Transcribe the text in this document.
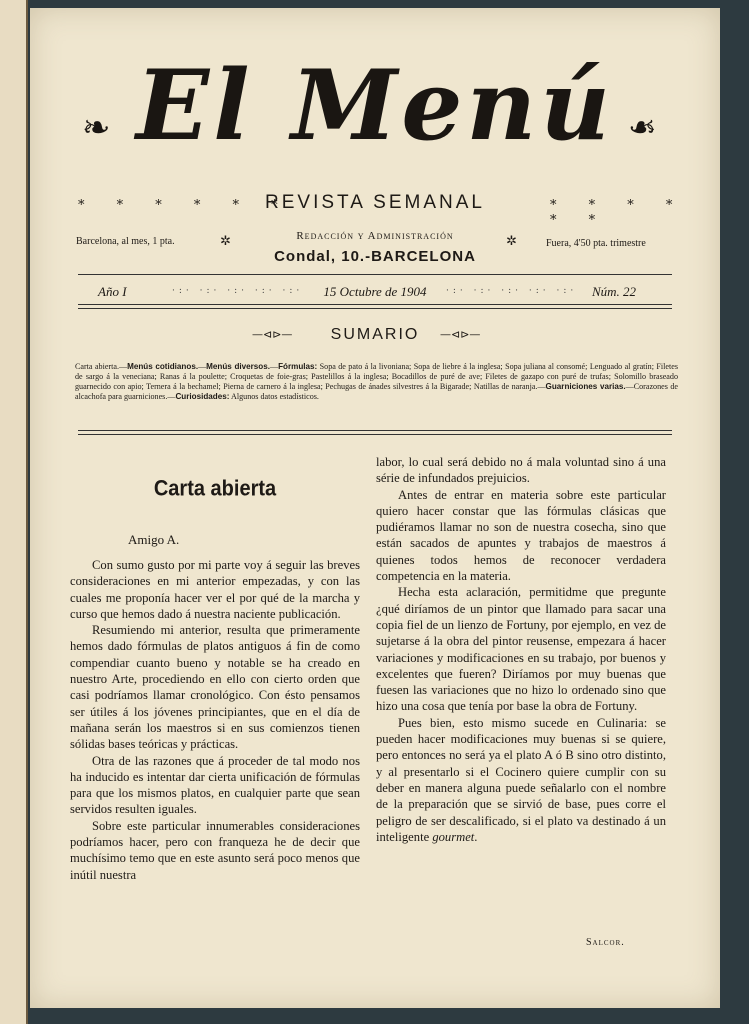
❧ El Menú ❧
* * * * * *
REVISTA SEMANAL	* * * * * *
Redacción y Administración
Barcelona, al mes, 1 pta.	✲
Condal, 10.-BARCELONA
✲	Fuera, 4'50 pta. trimestre
Año I	·:· ·:· ·:· ·:· ·:·	15 Octubre de 1904	·:· ·:· ·:· ·:· ·:· Núm. 22
—⊲⊳—	SUMARIO	—⊲⊳—
Carta abierta.—Menús cotidianos.—Menús diversos.—Fórmulas: Sopa de pato á la livoniana; Sopa de liebre á la inglesa; Sopa juliana al consomé; Lenguado al gratín; Filetes de sargo á la veneciana; Ranas á la poulette; Croquetas de foie-gras; Pastelillos á la inglesa; Bocadillos de puré de ave; Filetes de gazapo con puré de trufas; Solomillo braseado guarnecido con apio; Ternera á la bechamel; Pierna de carnero á la inglesa; Pechugas de ánades silvestres á la Bigarade; Natillas de naranja.—Guarniciones varias.—Corazones de alcachofa para guarniciones.—Curiosidades: Algunos datos estadísticos.
Carta abierta
Amigo A.

Con sumo gusto por mi parte voy á seguir las breves consideraciones en mi anterior empezadas, y con las cuales me proponía hacer ver el por qué de la marcha y curso que hemos dado á nuestra naciente publicación.

Resumiendo mi anterior, resulta que primeramente hemos dado fórmulas de platos antiguos á fin de como compendiar cuanto bueno y notable se ha creado en nuestro Arte, procediendo en ello con cierto orden que casi podríamos llamar cronológico. Con ésto pensamos ser útiles á los jóvenes principiantes, que en el día de mañana serán los maestros si en sus comienzos tienen sólidas bases teóricas y prácticas.

Otra de las razones que á proceder de tal modo nos ha inducido es intentar dar cierta unificación de fórmulas para que los mismos platos, en cualquier parte que sean servidos resulten iguales.

Sobre este particular innumerables consideraciones podríamos hacer, pero con franqueza he de decir que muchísimo temo que en este asunto será poco menos que inútil nuestra

labor, lo cual será debido no á mala voluntad sino á una série de infundados prejuicios.

Antes de entrar en materia sobre este particular quiero hacer constar que las fórmulas clásicas que pudiéramos llamar no son de nuestra cosecha, sino que están sacados de apuntes y trabajos de maestros á quienes todos hemos de reconocer verdadera competencia en la materia.

Hecha esta aclaración, permitidme que pregunte ¿qué diríamos de un pintor que llamado para sacar una copia fiel de un lienzo de Fortuny, por ejemplo, en vez de sujetarse á la obra del pintor reusense, empezara á hacer variaciones y modificaciones en su trabajo, por buenos y excelentes que fueren? Diríamos por muy buenas que fuesen las variaciones que no hizo lo ordenado sino que hizo una cosa que tenía por base la obra de Fortuny.

Pues bien, esto mismo sucede en Culinaria: se pueden hacer modificaciones muy buenas si se quiere, pero entonces no será ya el plato A ó B sino otro distinto, y al presentarlo si el Cocinero quiere cumplir con su deber en manera alguna puede señalarlo con el nombre de la preparación que se sirvió de base, pues corre el peligro de ser descalificado, si el plato va destinado á un inteligente gourmet.

Salcor.
